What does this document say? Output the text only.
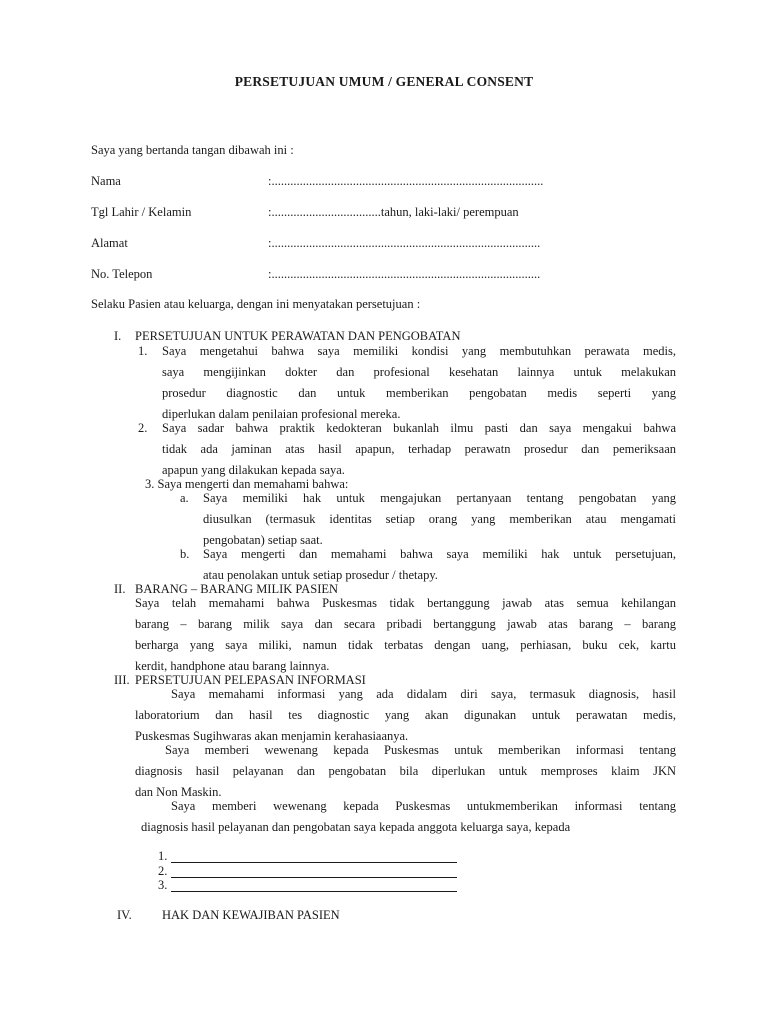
PERSETUJUAN UMUM / GENERAL CONSENT
Saya yang bertanda tangan dibawah ini :
Nama	:.......................................................................................
Tgl Lahir / Kelamin	:...................................tahun, laki-laki/ perempuan
Alamat	:......................................................................................
No. Telepon	:......................................................................................
Selaku Pasien atau keluarga, dengan ini menyatakan persetujuan :
I. PERSETUJUAN UNTUK PERAWATAN DAN PENGOBATAN
1. Saya mengetahui bahwa saya memiliki kondisi yang membutuhkan perawata medis,
saya mengijinkan dokter dan profesional kesehatan lainnya untuk melakukan
prosedur diagnostic dan untuk memberikan pengobatan medis seperti yang
diperlukan dalam penilaian profesional mereka.
2. Saya sadar bahwa praktik kedokteran bukanlah ilmu pasti dan saya mengakui bahwa
tidak ada jaminan atas hasil apapun, terhadap perawatn prosedur dan pemeriksaan
apapun yang dilakukan kepada saya.
3. Saya mengerti dan memahami bahwa:
a. Saya memiliki hak untuk mengajukan pertanyaan tentang pengobatan yang
diusulkan (termasuk identitas setiap orang yang memberikan atau mengamati
pengobatan) setiap saat.
b. Saya mengerti dan memahami bahwa saya memiliki hak untuk persetujuan,
atau penolakan untuk setiap prosedur / thetapy.
II. BARANG – BARANG MILIK PASIEN
Saya telah memahami bahwa Puskesmas tidak bertanggung jawab atas semua kehilangan
barang – barang milik saya dan secara pribadi bertanggung jawab atas barang – barang
berharga yang saya miliki, namun tidak terbatas dengan uang, perhiasan, buku cek, kartu
kerdit, handphone atau barang lainnya.
III. PERSETUJUAN PELEPASAN INFORMASI
Saya memahami informasi yang ada didalam diri saya, termasuk diagnosis, hasil
laboratorium dan hasil tes diagnostic yang akan digunakan untuk perawatan medis,
Puskesmas Sugihwaras akan menjamin kerahasiaanya.
Saya memberi wewenang kepada Puskesmas untuk memberikan informasi tentang
diagnosis hasil pelayanan dan pengobatan bila diperlukan untuk memproses klaim JKN
dan Non Maskin.
Saya memberi wewenang kepada Puskesmas untukmemberikan informasi tentang
diagnosis hasil pelayanan dan pengobatan saya kepada anggota keluarga saya, kepada
1.
2.
3.
IV. HAK DAN KEWAJIBAN PASIEN
